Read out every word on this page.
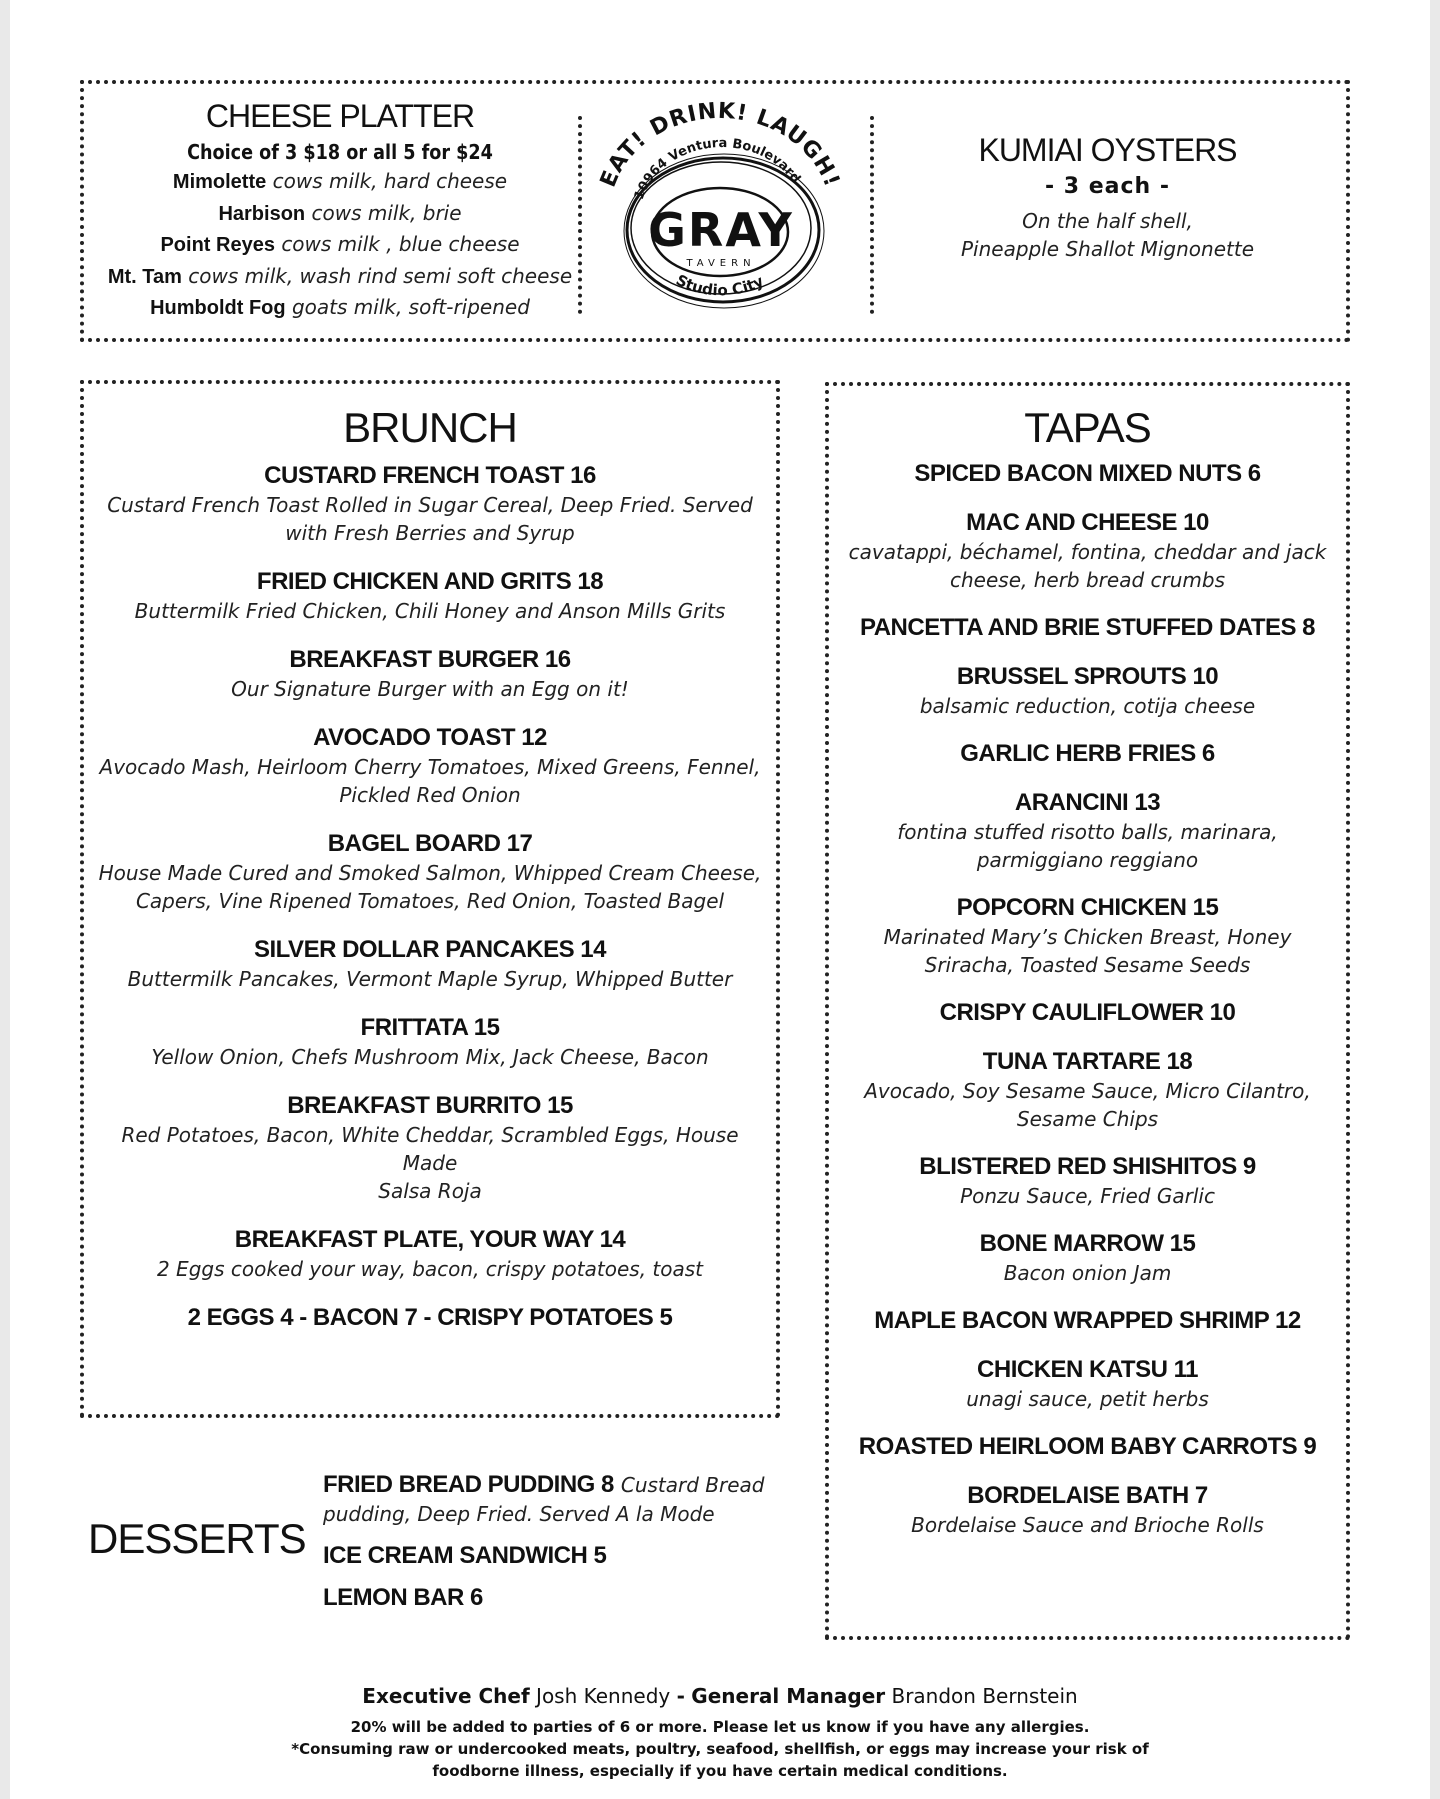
CHEESE PLATTER
Choice of 3 $18 or all 5 for $24
Mimolette cows milk, hard cheese
Harbison cows milk, brie
Point Reyes cows milk , blue cheese
Mt. Tam cows milk, wash rind semi soft cheese
Humboldt Fog goats milk, soft-ripened
EAT! DRINK! LAUGH!
10964 Ventura Boulevard
GRAY
TAVERN
Studio City
KUMIAI OYSTERS
- 3 each -
On the half shell,
Pineapple Shallot Mignonette
BRUNCH
CUSTARD FRENCH TOAST 16
Custard French Toast Rolled in Sugar Cereal, Deep Fried. Served
with Fresh Berries and Syrup
FRIED CHICKEN AND GRITS 18
Buttermilk Fried Chicken, Chili Honey and Anson Mills Grits
BREAKFAST BURGER 16
Our Signature Burger with an Egg on it!
AVOCADO TOAST 12
Avocado Mash, Heirloom Cherry Tomatoes, Mixed Greens, Fennel,
Pickled Red Onion
BAGEL BOARD 17
House Made Cured and Smoked Salmon, Whipped Cream Cheese,
Capers, Vine Ripened Tomatoes, Red Onion, Toasted Bagel
SILVER DOLLAR PANCAKES 14
Buttermilk Pancakes, Vermont Maple Syrup, Whipped Butter
FRITTATA 15
Yellow Onion, Chefs Mushroom Mix, Jack Cheese, Bacon
BREAKFAST BURRITO 15
Red Potatoes, Bacon, White Cheddar, Scrambled Eggs, House Made
Salsa Roja
BREAKFAST PLATE, YOUR WAY 14
2 Eggs cooked your way, bacon, crispy potatoes, toast
2 EGGS 4 - BACON 7 - CRISPY POTATOES 5
TAPAS
SPICED BACON MIXED NUTS 6
MAC AND CHEESE 10
cavatappi, béchamel, fontina, cheddar and jack
cheese, herb bread crumbs
PANCETTA AND BRIE STUFFED DATES 8
BRUSSEL SPROUTS 10
balsamic reduction, cotija cheese
GARLIC HERB FRIES 6
ARANCINI 13
fontina stuffed risotto balls, marinara,
parmiggiano reggiano
POPCORN CHICKEN 15
Marinated Mary’s Chicken Breast, Honey
Sriracha, Toasted Sesame Seeds
CRISPY CAULIFLOWER 10
TUNA TARTARE 18
Avocado, Soy Sesame Sauce, Micro Cilantro,
Sesame Chips
BLISTERED RED SHISHITOS 9
Ponzu Sauce, Fried Garlic
BONE MARROW 15
Bacon onion Jam
MAPLE BACON WRAPPED SHRIMP 12
CHICKEN KATSU 11
unagi sauce, petit herbs
ROASTED HEIRLOOM BABY CARROTS 9
BORDELAISE BATH 7
Bordelaise Sauce and Brioche Rolls
DESSERTS
FRIED BREAD PUDDING 8 Custard Bread
pudding, Deep Fried. Served A la Mode
ICE CREAM SANDWICH 5
LEMON BAR 6
Executive Chef Josh Kennedy - General Manager Brandon Bernstein
20% will be added to parties of 6 or more. Please let us know if you have any allergies.
*Consuming raw or undercooked meats, poultry, seafood, shellfish, or eggs may increase your risk of
foodborne illness, especially if you have certain medical conditions.
